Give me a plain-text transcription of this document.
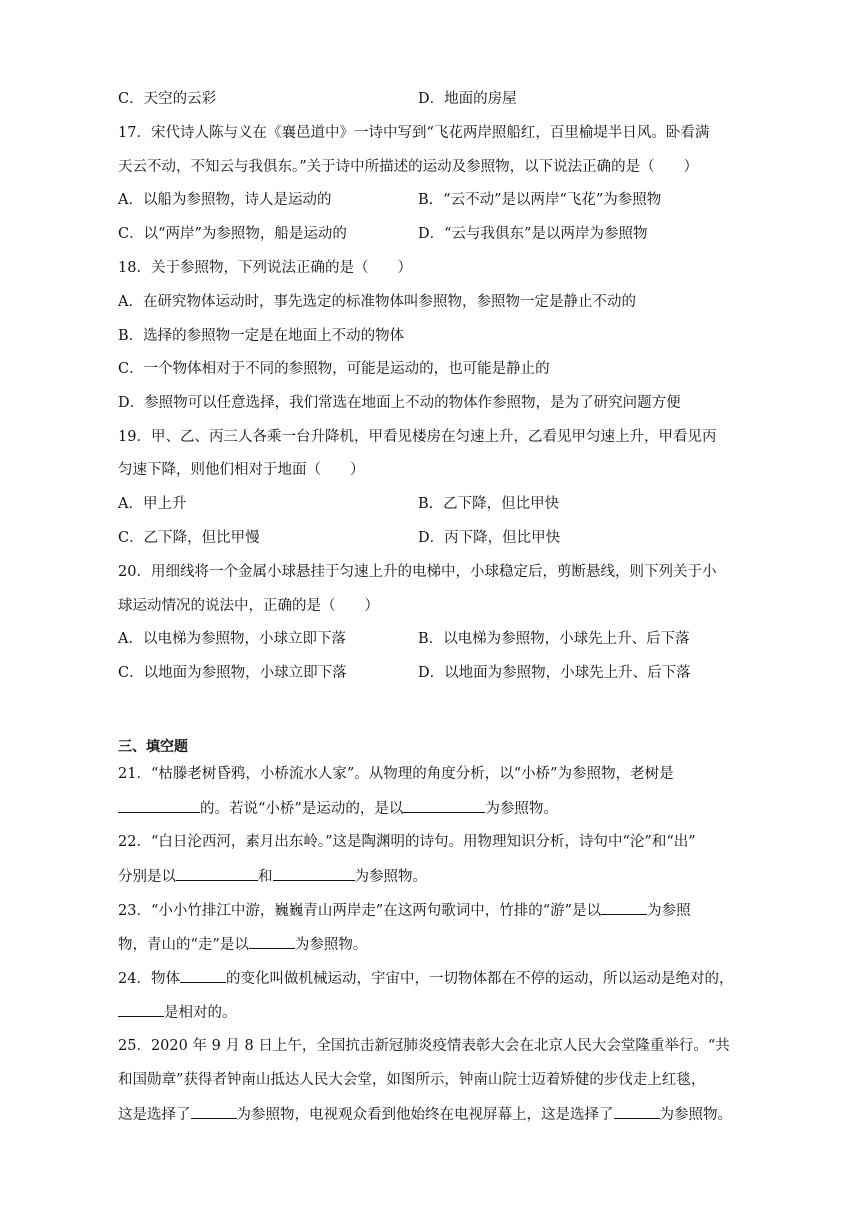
C．天空的云彩	D．地面的房屋
17．宋代诗人陈与义在《襄邑道中》一诗中写到“飞花两岸照船红，百里榆堤半日风。卧看满
天云不动，不知云与我俱东。”关于诗中所描述的运动及参照物，以下说法正确的是（　　）
A．以船为参照物，诗人是运动的	B．“云不动”是以两岸“飞花”为参照物
C．以“两岸”为参照物，船是运动的	D．“云与我俱东”是以两岸为参照物
18．关于参照物，下列说法正确的是（　　）
A．在研究物体运动时，事先选定的标准物体叫参照物，参照物一定是静止不动的
B．选择的参照物一定是在地面上不动的物体
C．一个物体相对于不同的参照物，可能是运动的，也可能是静止的
D．参照物可以任意选择，我们常选在地面上不动的物体作参照物，是为了研究问题方便
19．甲、乙、丙三人各乘一台升降机，甲看见楼房在匀速上升，乙看见甲匀速上升，甲看见丙
匀速下降，则他们相对于地面（　　）
A．甲上升	B．乙下降，但比甲快
C．乙下降，但比甲慢	D．丙下降，但比甲快
20．用细线将一个金属小球悬挂于匀速上升的电梯中，小球稳定后，剪断悬线，则下列关于小
球运动情况的说法中，正确的是（　　）
A．以电梯为参照物，小球立即下落	B．以电梯为参照物，小球先上升、后下落
C．以地面为参照物，小球立即下落	D．以地面为参照物，小球先上升、后下落
三、填空题
21．“枯滕老树昏鸦，小桥流水人家”。从物理的角度分析，以“小桥”为参照物，老树是
的。若说“小桥”是运动的，是以	为参照物。
22．“白日沦西河，素月出东岭。”这是陶渊明的诗句。用物理知识分析，诗句中“沦”和“出”
分别是以	和	为参照物。
23．“小小竹排江中游，巍巍青山两岸走”在这两句歌词中，竹排的“游”是以	为参照
物，青山的“走”是以	为参照物。
24．物体	的变化叫做机械运动，宇宙中，一切物体都在不停的运动，所以运动是绝对的，
是相对的。
25．2020 年 9 月 8 日上午，全国抗击新冠肺炎疫情表彰大会在北京人民大会堂隆重举行。“共
和国勋章”获得者钟南山抵达人民大会堂，如图所示，钟南山院士迈着矫健的步伐走上红毯，
这是选择了	为参照物，电视观众看到他始终在电视屏幕上，这是选择了	为参照物。
